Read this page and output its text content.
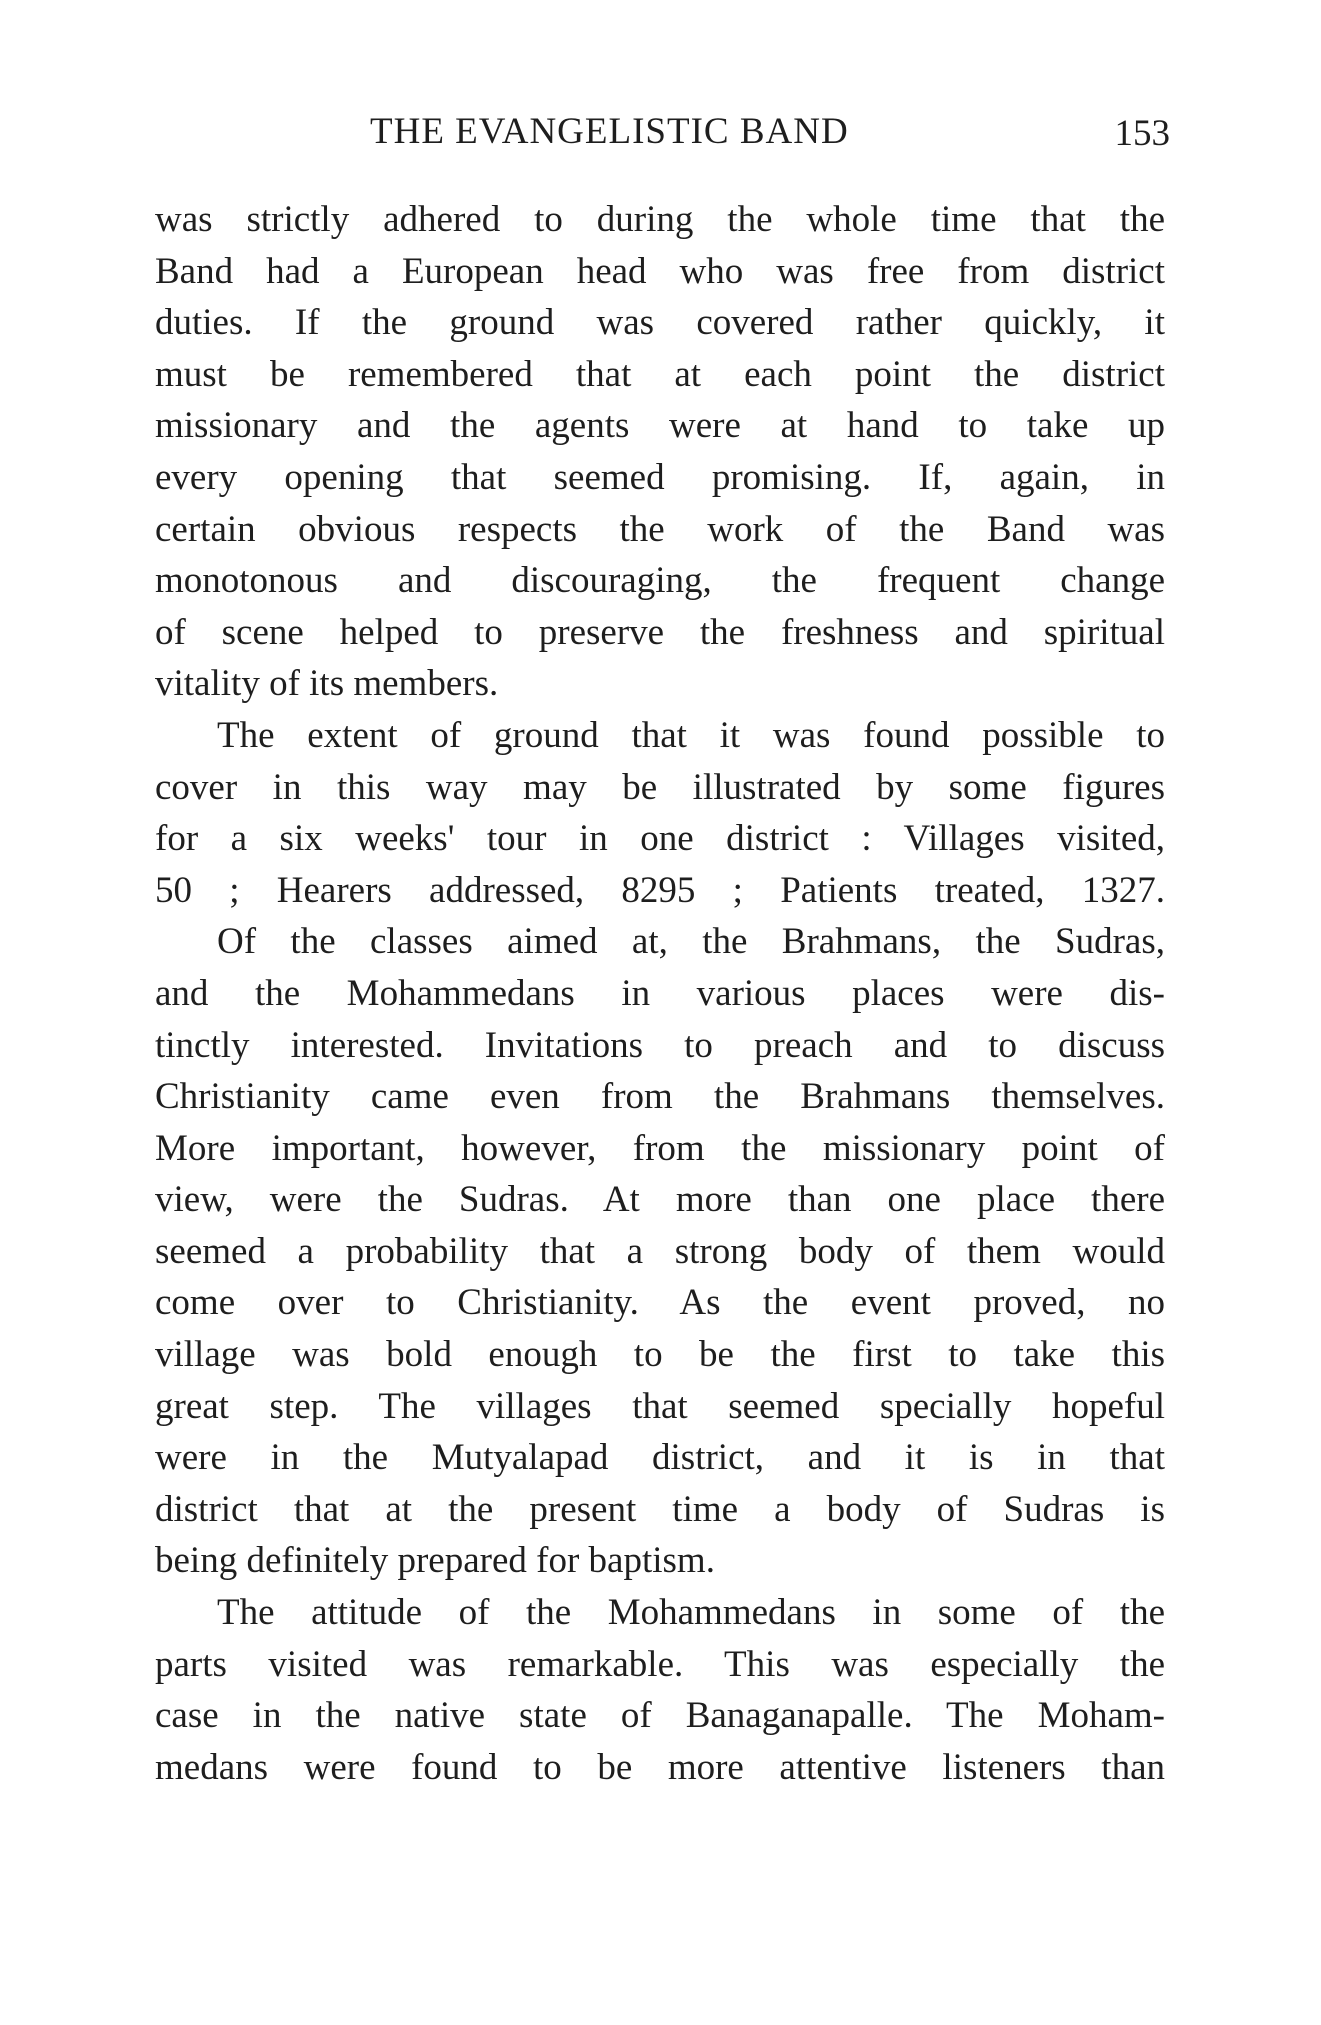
THE EVANGELISTIC BAND	153
was strictly adhered to during the whole time that the
Band had a European head who was free from district
duties. If the ground was covered rather quickly, it
must be remembered that at each point the district
missionary and the agents were at hand to take up
every opening that seemed promising. If, again, in
certain obvious respects the work of the Band was
monotonous and discouraging, the frequent change
of scene helped to preserve the freshness and spiritual
vitality of its members.
The extent of ground that it was found possible to
cover in this way may be illustrated by some figures
for a six weeks' tour in one district : Villages visited,
50 ; Hearers addressed, 8295 ; Patients treated, 1327.
Of the classes aimed at, the Brahmans, the Sudras,
and the Mohammedans in various places were dis-
tinctly interested. Invitations to preach and to discuss
Christianity came even from the Brahmans themselves.
More important, however, from the missionary point of
view, were the Sudras. At more than one place there
seemed a probability that a strong body of them would
come over to Christianity. As the event proved, no
village was bold enough to be the first to take this
great step. The villages that seemed specially hopeful
were in the Mutyalapad district, and it is in that
district that at the present time a body of Sudras is
being definitely prepared for baptism.
The attitude of the Mohammedans in some of the
parts visited was remarkable. This was especially the
case in the native state of Banaganapalle. The Moham-
medans were found to be more attentive listeners than
